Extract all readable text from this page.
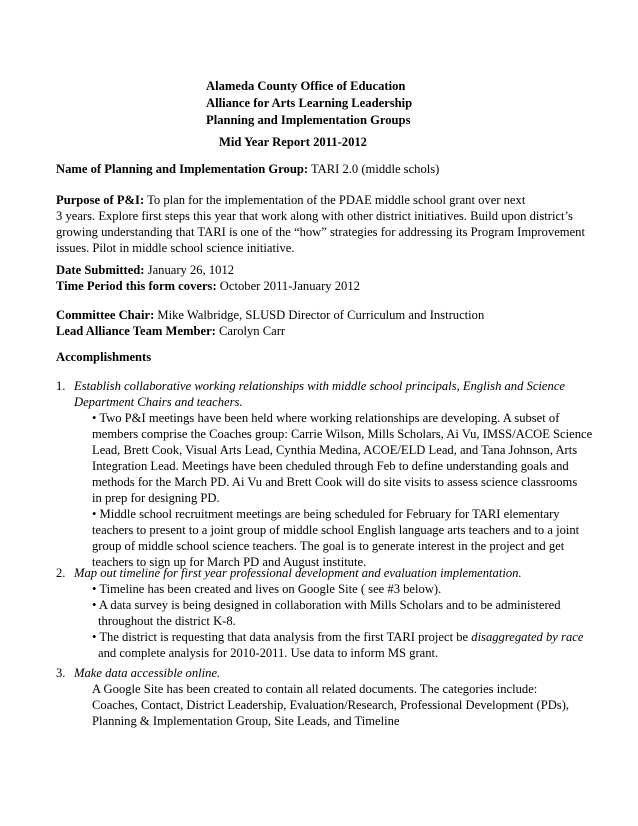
Alameda County Office of Education
Alliance for Arts Learning Leadership
Planning and Implementation Groups
Mid Year Report 2011-2012
Name of Planning and Implementation Group: TARI 2.0 (middle schols)

Purpose of P&I: To plan for the implementation of the PDAE middle school grant over next

3 years. Explore first steps this year that work along with other district initiatives. Build upon district’s

growing understanding that TARI is one of the “how” strategies for addressing its Program Improvement

issues. Pilot in middle school science initiative.

Date Submitted: January 26, 1012

Time Period this form covers: October 2011-January 2012

Committee Chair: Mike Walbridge, SLUSD Director of Curriculum and Instruction

Lead Alliance Team Member: Carolyn Carr

Accomplishments
1. Establish collaborative working relationships with middle school principals, English and Science

Department Chairs and teachers.

• Two P&I meetings have been held where working relationships are developing. A subset of

members comprise the Coaches group: Carrie Wilson, Mills Scholars, Ai Vu, IMSS/ACOE Science

Lead, Brett Cook, Visual Arts Lead, Cynthia Medina, ACOE/ELD Lead, and Tana Johnson, Arts

Integration Lead. Meetings have been cheduled through Feb to define understanding goals and

methods for the March PD. Ai Vu and Brett Cook will do site visits to assess science classrooms

in prep for designing PD.

• Middle school recruitment meetings are being scheduled for February for TARI elementary

teachers to present to a joint group of middle school English language arts teachers and to a joint

group of middle school science teachers. The goal is to generate interest in the project and get

teachers to sign up for March PD and August institute.

2. Map out timeline for first year professional development and evaluation implementation.

• Timeline has been created and lives on Google Site ( see #3 below).

• A data survey is being designed in collaboration with Mills Scholars and to be administered

throughout the district K-8.

• The district is requesting that data analysis from the first TARI project be disaggregated by race

and complete analysis for 2010-2011. Use data to inform MS grant.

3. Make data accessible online.

A Google Site has been created to contain all related documents. The categories include:

Coaches, Contact, District Leadership, Evaluation/Research, Professional Development (PDs),

Planning & Implementation Group, Site Leads, and Timeline
